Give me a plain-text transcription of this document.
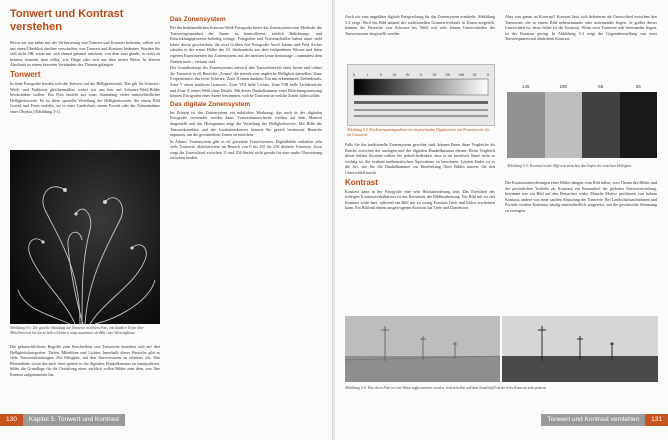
Tonwert und Kontrast verstehen

Bevor wir uns näher mit der Verbesserung von Tonwert und Kontrast befassen, sollten wir uns einen Überblick darüber verschaffen, was Tonwert und Kontrast bedeuten. Wurden Sie sich nicht OB, wenn mir sich einmal genauer anschaut, von dem man glaubt, es recht zu kennen; bemerkt man völlig, wie Dinge oder sich aus dem neuen Weise. In diesem Abschnitt zu einem besseren Verständnis des Themas gelangen.

Tonwert

In einer Fotografie besteht sich der Tonwert auf die Helligkeitsstufe. Das gilt für Schwarz-Weiß- und Farbfotos gleichermaßen, wobei wir uns hier auf Schwarz-Weiß-Bilder beschränken wollen. Ein Foto besteht aus einer Sammlung vieler unterschiedlicher Helligkeitswerte. Es ist diese spezielle Verteilung der Helligkeitswerte, die einem Bild Gestalt und Form verleiht, sei es einer Landschaft, einem Porträt oder der Nahaufnahme eines Objekts (Abbildung 5-1).

Abbildung 5-1: Die gezielte Abstufung der Tonwerte in diesem Foto, von dunklen Tiefen über Mitteltonwerte bis hin zu hellen Lichtern, zeigt zusammen ein Bild einer Wiesenpflanze.

Die gebräuchlichsten Begriffe zum Beschreiben von Tonwerten beziehen sich auf drei Helligkeitskategorien: Tiefen, Mitteltöne und Lichter. Innerhalb dieser Bereiche gibt es viele Tonwertabstufungen. Die Fähigkeit, mit den Tonwertstufen zu arbeiten, d.h. Ihre Bestandteile sowie der nach ihrer spätere in der digitalen Dunkelkammer zu manipulieren, bildet die Grundlage für die Gestaltung eines wirklich vollen Bildes zum dem, was Ihre Kamera aufgenommen hat.

Das Zonensystem

Bei der herkömmlichen Schwarz-Weiß-Fotografie bietet das Zonensystem eine Methode, die Tonwertsgesamtheit der Szene zu kontrollieren, zeitlich Belichtungs- und Entwicklungsprozesse beliebig wenige. Fotografen und Wissenschaftler haben unser sieht lehrte davon geschrieben; die zwei Größen Auf Fotografie Ansel Adams und Fred Archer schufen in der ersten Hälfte des 20. Jahrhunderts aus dem vorhandenen Wissen und ihren eigenen Experimenten das Zonensystem, mit der meisten Leute heutzutage – zumindest dem Namen nach – vertraut sind.

Der Grundkonzept des Zonensystems entwirft den Tonwertbereich einer Szene und ordnet die Tonwerte in elf Bereiche „Zonen“ die jeweils eine ungleiche Helligkeit darstellen: Zone 0 repräsentiert das reine Schwarz, Zone II einen dunklen Ton mit erkennbaren Tiefendetails, Zone V einen mittleren Grauwert, Zone VIII helle Lichter, Zone VIII helle Lichtbereiche und Zone X reines Weiß ohne Details. Mit dieser Dunkelkammer einer Belichtungsmessung können Fotografen einer Szene bestimmen, welche Tonwerte in welche Zonen fallen sollen.

Das digitale Zonensystem

Im Prinzip ist das Zonensystem ein nützliches Werkzeug, das auch in der digitalen Fotografie verwendet werden kann. Tonwertunterschiede werden auf dem Monitor dargestellt und das Histogramm zeigt die Verteilung der Helligkeitswerte. Mit Hilfe der Tonwertkorrektur und der Gradationskurven können Sie gezielt bestimmte Bereiche anpassen, um die gewünschten Zonen zu erreichen.

In Adams’ Zonensystem gibt es elf getrennte Tonwertzonen. Digitalbilder enthalten sehr viele Tonwerte, üblicherweise im Bereich von 0 bis 255 für 256 diskrete Tonwerte. Zwar sorgt die Unterschied zwischen 11 und 256 Stufen nicht gerade für eine sanfte Übersetzung zwischen beiden.

130 Kapitel 5: Tonwert und Kontrast

Auch wir eine ungefähre digitale Entsprechung für das Zonensystem ermitteln; Abbildung 5-2 zeigt. Wird ein Bild anhand des traditionellen Grauwertverlaufs in Zonen aufgeteilt, können die Bereiche von Schwarz bis Weiß mit sehr feinen Unterschieden der Tonwertzonen dargestellt werden.

0	I	II	III IV	V	VI VII VIII IX	X
Abbildung 5-2: Ein Zonensystemgradient mit entsprechenden Digitalwerten und Prozentwerten für die Grauwerte

Falls Sie das traditionelle Zonensystem gewohnt sind, können Ihnen diese Vergleiche als Brücke zwischen der analogen und der digitalen Dunkelkammer dienen. Beim Vergleich dieser beiden Systeme sollten Sie jedoch bedenken, dass es im kreativen Sinne nicht so wichtig ist, die exakten mathematischen Äquivalente zu berechnen. Letzten Endes ist es die Art, wie Sie die Dunkelkammer zur Bearbeitung Ihres Bildes nutzen, die den Unterschied macht.

Kontrast

Kontrast kann in der Fotografie eine sehr Herausforderung sein. Das Erreichen des richtigen Kontrastverhältnisses ist ein Kernstück der Bildbearbeitung. Ein Bild mit zu viel Kontrast wirkt hart, während ein Bild mit zu wenig Kontrast flach und leblos erscheinen kann. Ein Bild mit einem ausgewogenen Kontrast hat Tiefe und Dimension.

Aber was genau ist Kontrast? Kontrast lässt sich definieren als Unterschied zwischen den Tonwerten, die in einem Bild nebeneinander oder miteinander liegen. Je größer dieser Unterschied ist, desto höher ist der Kontrast. Wenn zwei Tonwerte nah beieinander liegen, ist der Kontrast gering. In Abbildung 5-3 zeigt die Gegenüberstellung von zwei Tonwertpaaren mit ähnlichem Kontrast.

145	190	65	25
Abbildung 5-3: Kontrast ist die Differenz zwischen den Stufen der einzelnen Helligkeit.

Die Kontrastanforderungen einer Bildes hängen vom Bild selbst, vom Thema des Bildes und der persönlichen Vorliebe ab. Kontrast, ein Bestandteil der globalen Tonwertverteilung, bestimmt wie ein Bild auf den Betrachter wirkt. Manche Motive profitieren von hohem Kontrast, andere von einer sanften Abstufung der Tonwerte. Bei Landschaftsaufnahmen und Porträts werden Kontraste häufig unterschiedlich eingesetzt, um die gewünschte Stimmung zu erzeugen.

Abbildung 5-4: Das obere Foto ist eine Wüste aufgenommen worden; in dem hellen und dem Sandeinfall ist der hohe Kontrast sehr präsent.
Tonwert und Kontrast verstehen 131
